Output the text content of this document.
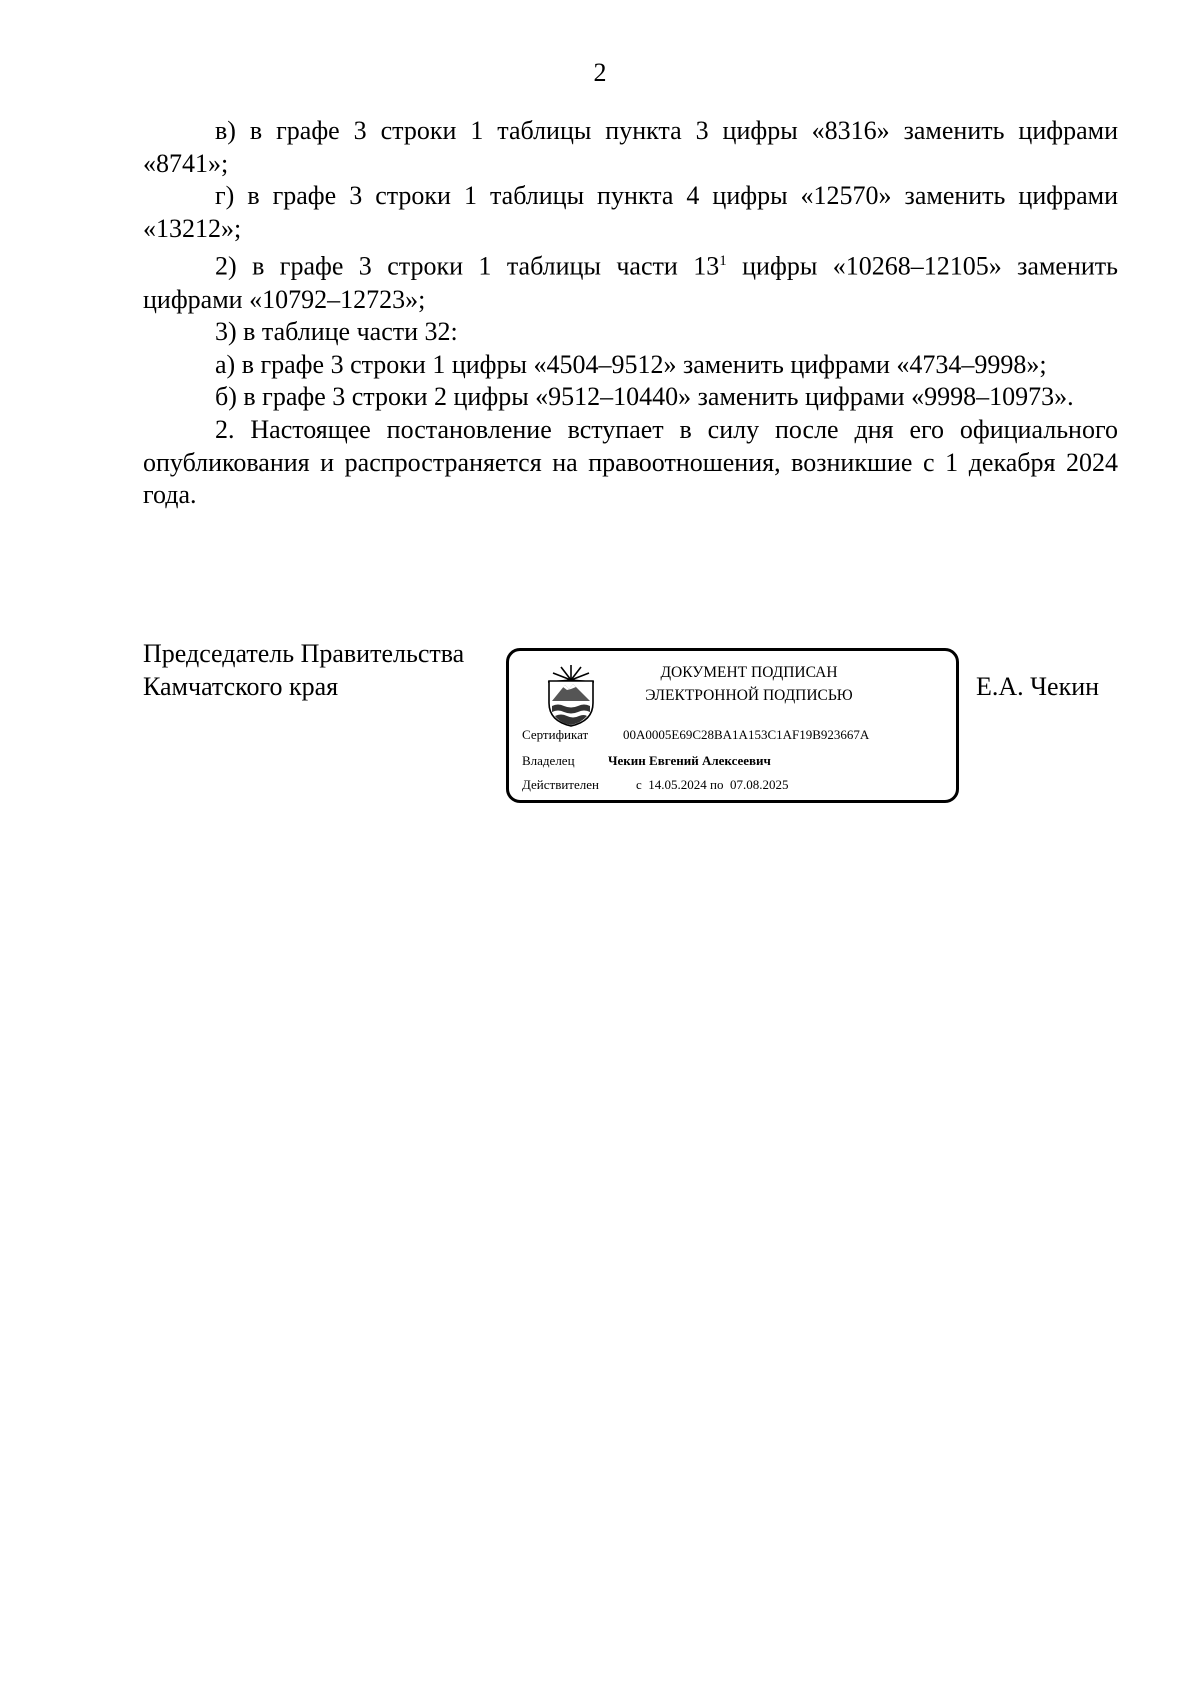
2

в) в графе 3 строки 1 таблицы пункта 3 цифры «8316» заменить цифрами «8741»;

г) в графе 3 строки 1 таблицы пункта 4 цифры «12570» заменить цифрами «13212»;

2) в графе 3 строки 1 таблицы части $13^1$ цифры «10268–12105» заменить цифрами «10792–12723»;

3) в таблице части 32:

а) в графе 3 строки 1 цифры «4504–9512» заменить цифрами «4734–9998»;

б) в графе 3 строки 2 цифры «9512–10440» заменить цифрами «9998–10973».

2. Настоящее постановление вступает в силу после дня его официального опубликования и распространяется на правоотношения, возникшие с 1 декабря 2024 года.

Председатель Правительства
Камчатского края	Е.А. Чекин
ДОКУМЕНТ ПОДПИСАН
ЭЛЕКТРОННОЙ ПОДПИСЬЮ
Сертификат	00A0005E69C28BA1A153C1AF19B923667A
Владелец	Чекин Евгений Алексеевич
Действителен	с  14.05.2024 по  07.08.2025
